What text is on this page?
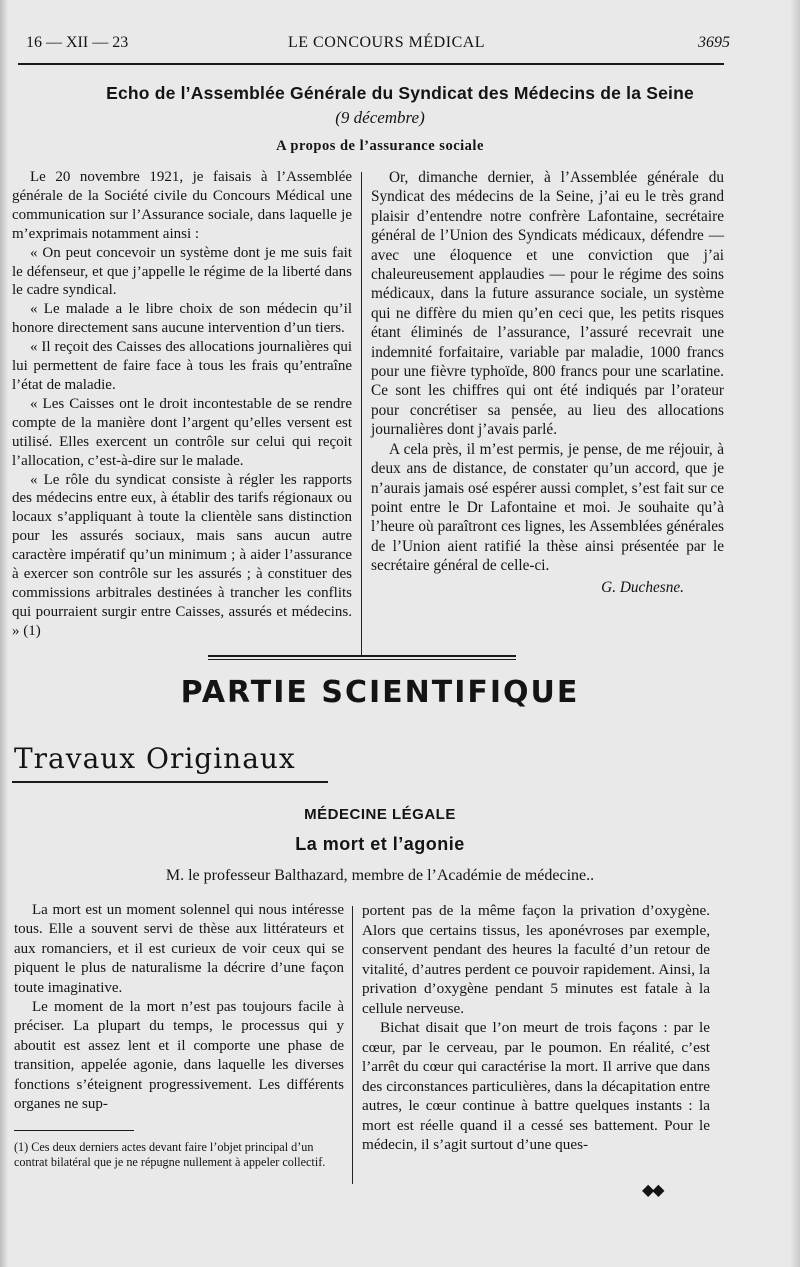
16 — XII — 23	LE CONCOURS MÉDICAL	3695
Echo de l’Assemblée Générale du Syndicat des Médecins de la Seine
(9 décembre)
A propos de l’assurance sociale

Le 20 novembre 1921, je faisais à l’Assemblée générale de la Société civile du Concours Médical une communication sur l’Assurance sociale, dans laquelle je m’exprimais notamment ainsi :

« On peut concevoir un système dont je me suis fait le défenseur, et que j’appelle le régime de la liberté dans le cadre syndical.

« Le malade a le libre choix de son médecin qu’il honore directement sans aucune intervention d’un tiers.

« Il reçoit des Caisses des allocations journalières qui lui permettent de faire face à tous les frais qu’entraîne l’état de maladie.

« Les Caisses ont le droit incontestable de se rendre compte de la manière dont l’argent qu’elles versent est utilisé. Elles exercent un contrôle sur celui qui reçoit l’allocation, c’est-à-dire sur le malade.

« Le rôle du syndicat consiste à régler les rapports des médecins entre eux, à établir des tarifs régionaux ou locaux s’appliquant à toute la clientèle sans distinction pour les assurés sociaux, mais sans aucun autre caractère impératif qu’un minimum ; à aider l’assurance à exercer son contrôle sur les assurés ; à constituer des commissions arbitrales destinées à trancher les conflits qui pourraient surgir entre Caisses, assurés et médecins. » (1)

Or, dimanche dernier, à l’Assemblée générale du Syndicat des médecins de la Seine, j’ai eu le très grand plaisir d’entendre notre confrère Lafontaine, secrétaire général de l’Union des Syndicats médicaux, défendre — avec une éloquence et une conviction que j’ai chaleureusement applaudies — pour le régime des soins médicaux, dans la future assurance sociale, un système qui ne diffère du mien qu’en ceci que, les petits risques étant éliminés de l’assurance, l’assuré recevrait une indemnité forfaitaire, variable par maladie, 1000 francs pour une fièvre typhoïde, 800 francs pour une scarlatine. Ce sont les chiffres qui ont été indiqués par l’orateur pour concrétiser sa pensée, au lieu des allocations journalières dont j’avais parlé.

A cela près, il m’est permis, je pense, de me réjouir, à deux ans de distance, de constater qu’un accord, que je n’aurais jamais osé espérer aussi complet, s’est fait sur ce point entre le Dr Lafontaine et moi. Je souhaite qu’à l’heure où paraîtront ces lignes, les Assemblées générales de l’Union aient ratifié la thèse ainsi présentée par le secrétaire général de celle-ci.

G. Duchesne.

PARTIE SCIENTIFIQUE
Travaux Originaux
MÉDECINE LÉGALE
La mort et l’agonie
M. le professeur Balthazard, membre de l’Académie de médecine..

La mort est un moment solennel qui nous intéresse tous. Elle a souvent servi de thèse aux littérateurs et aux romanciers, et il est curieux de voir ceux qui se piquent le plus de naturalisme la décrire d’une façon toute imaginative.

Le moment de la mort n’est pas toujours facile à préciser. La plupart du temps, le processus qui y aboutit est assez lent et il comporte une phase de transition, appelée agonie, dans laquelle les diverses fonctions s’éteignent progressivement. Les différents organes ne sup-

portent pas de la même façon la privation d’oxygène. Alors que certains tissus, les aponévroses par exemple, conservent pendant des heures la faculté d’un retour de vitalité, d’autres perdent ce pouvoir rapidement. Ainsi, la privation d’oxygène pendant 5 minutes est fatale à la cellule nerveuse.

Bichat disait que l’on meurt de trois façons : par le cœur, par le cerveau, par le poumon. En réalité, c’est l’arrêt du cœur qui caractérise la mort. Il arrive que dans des circonstances particulières, dans la décapitation entre autres, le cœur continue à battre quelques instants : la mort est réelle quand il a cessé ses battement. Pour le médecin, il s’agit surtout d’une ques-

(1) Ces deux derniers actes devant faire l’objet principal d’un contrat bilatéral que je ne répugne nullement à appeler collectif.

◆◆
